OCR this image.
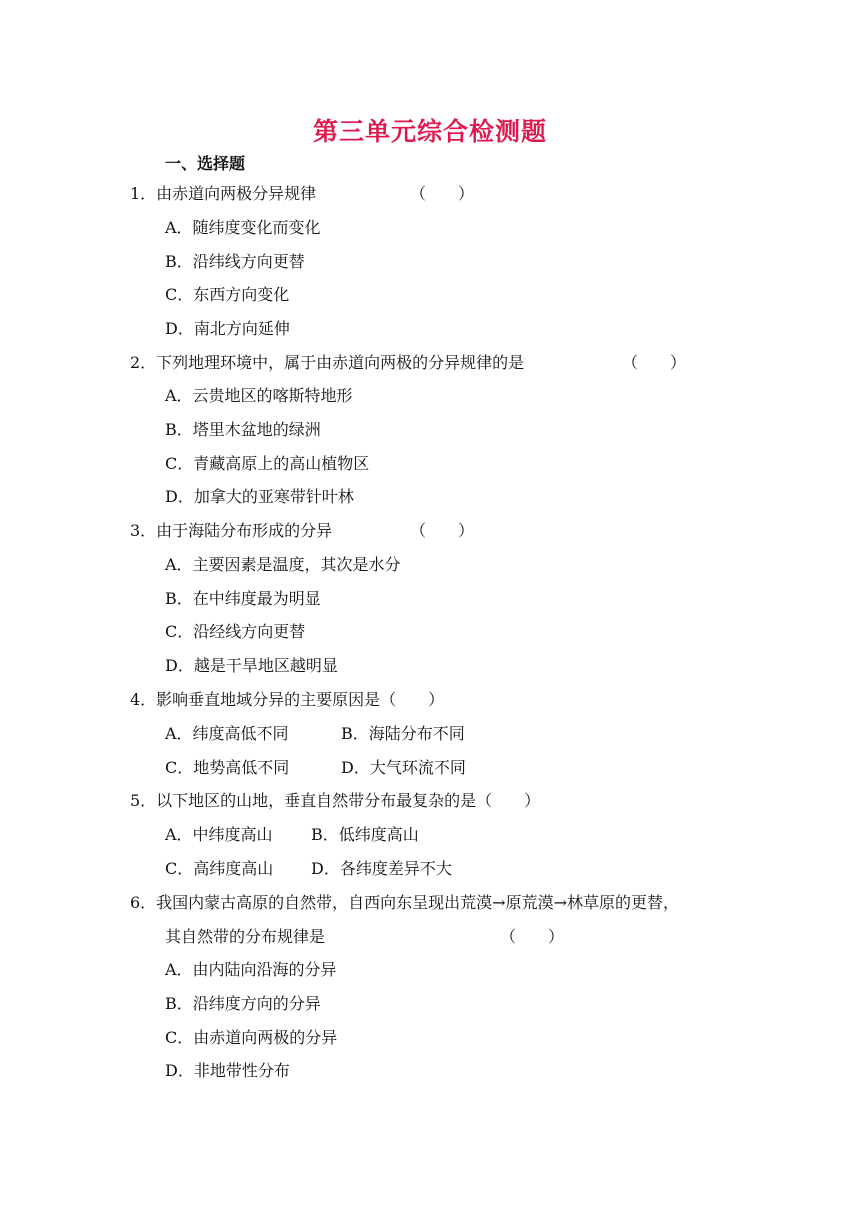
第三单元综合检测题
一、选择题
1．由赤道向两极分异规律	（　　）
A．随纬度变化而变化
B．沿纬线方向更替
C．东西方向变化
D．南北方向延伸
2．下列地理环境中，属于由赤道向两极的分异规律的是	（　　）
A．云贵地区的喀斯特地形
B．塔里木盆地的绿洲
C．青藏高原上的高山植物区
D．加拿大的亚寒带针叶林
3．由于海陆分布形成的分异	（　　）
A．主要因素是温度，其次是水分
B．在中纬度最为明显
C．沿经线方向更替
D．越是干旱地区越明显
4．影响垂直地域分异的主要原因是（　　）
A．纬度高低不同	B．海陆分布不同
C．地势高低不同	D．大气环流不同
5．以下地区的山地，垂直自然带分布最复杂的是（　　）
A．中纬度高山 B．低纬度高山
C．高纬度高山 D．各纬度差异不大
6．我国内蒙古高原的自然带，自西向东呈现出荒漠→原荒漠→林草原的更替，
其自然带的分布规律是	（　　）
A．由内陆向沿海的分异
B．沿纬度方向的分异
C．由赤道向两极的分异
D．非地带性分布
